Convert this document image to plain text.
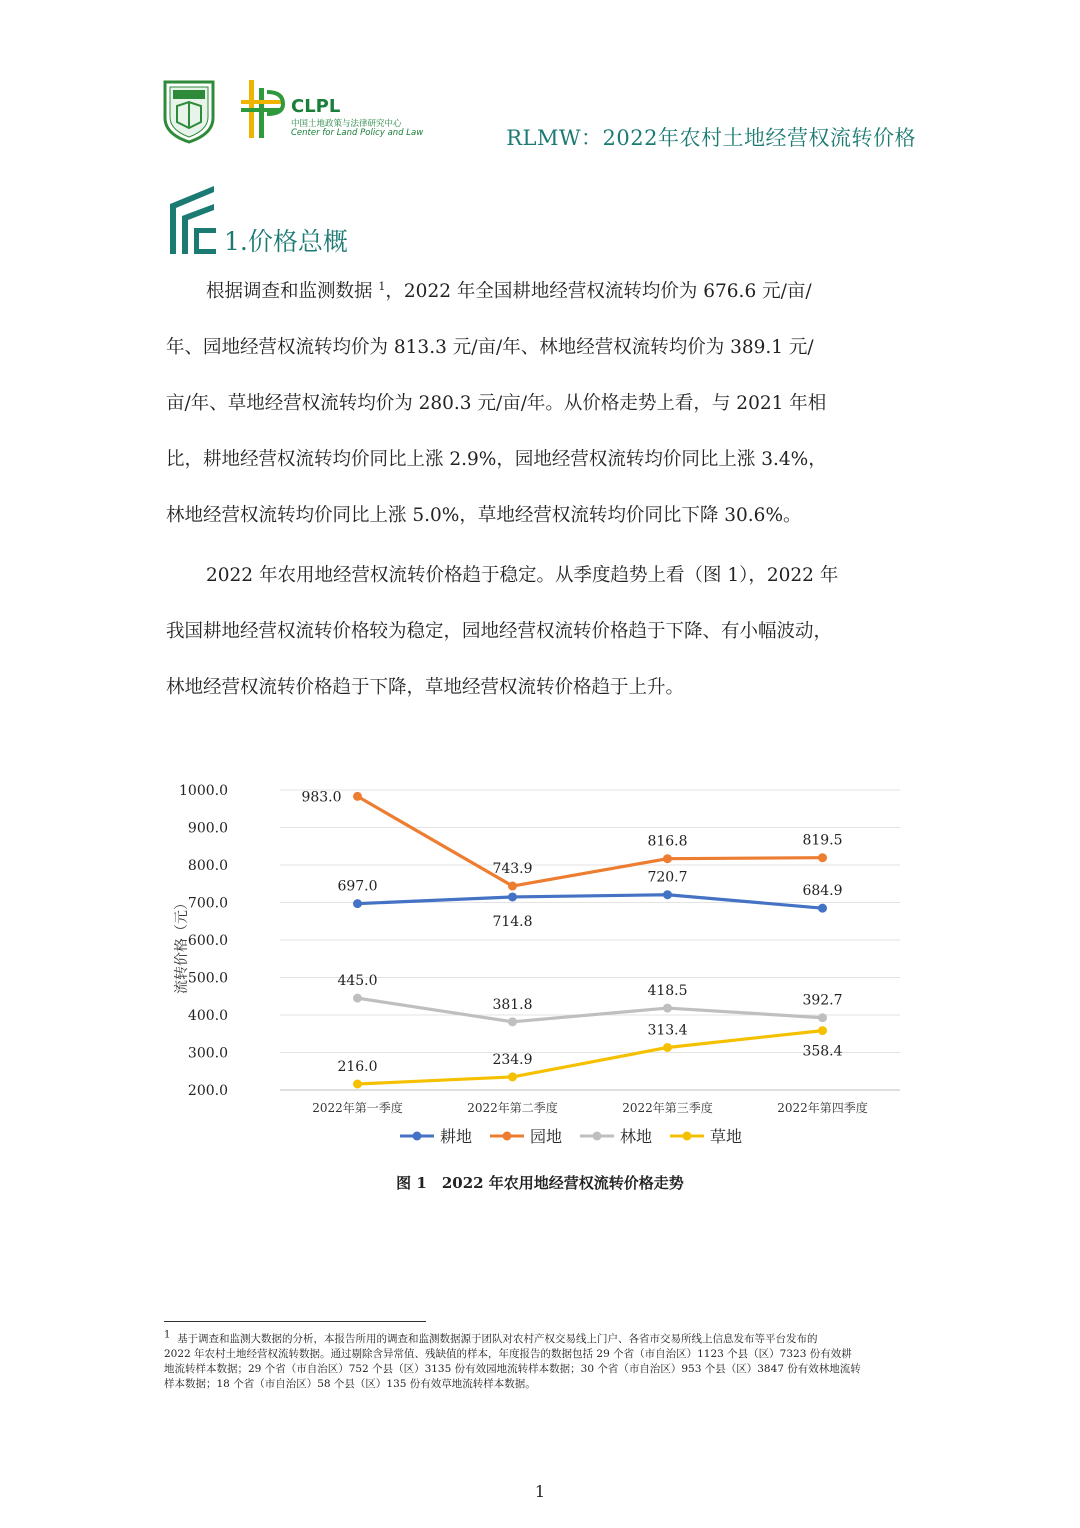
CLPL
中国土地政策与法律研究中心
Center for Land Policy and Law	RLMW：2022年农村土地经营权流转价格
1.价格总概
根据调查和监测数据 $^1$，2022 年全国耕地经营权流转均价为 676.6 元/亩/
年、园地经营权流转均价为 813.3 元/亩/年、林地经营权流转均价为 389.1 元/
亩/年、草地经营权流转均价为 280.3 元/亩/年。从价格走势上看，与 2021 年相
比，耕地经营权流转均价同比上涨 2.9%，园地经营权流转均价同比上涨 3.4%，
林地经营权流转均价同比上涨 5.0%，草地经营权流转均价同比下降 30.6%。
2022 年农用地经营权流转价格趋于稳定。从季度趋势上看（图 1），2022 年
我国耕地经营权流转价格较为稳定，园地经营权流转价格趋于下降、有小幅波动，
林地经营权流转价格趋于下降，草地经营权流转价格趋于上升。
200.0
300.0
400.0
500.0
600.0
700.0
800.0
900.0
1000.0
2022年第一季度	2022年第二季度	2022年第三季度	2022年第四季度
697.0
714.8
720.7
684.9
983.0
743.9
816.8	819.5
445.0
381.8
418.5
392.7
216.0	234.9
313.4
358.4
流转价格（元）
耕地	园地	林地	草地
图 1　2022 年农用地经营权流转价格走势
$^1$ 基于调查和监测大数据的分析，本报告所用的调查和监测数据源于团队对农村产权交易线上门户、各省市交易所线上信息发布等平台发布的
2022 年农村土地经营权流转数据。通过剔除含异常值、残缺值的样本，年度报告的数据包括 29 个省（市自治区）1123 个县（区）7323 份有效耕
地流转样本数据；29 个省（市自治区）752 个县（区）3135 份有效园地流转样本数据；30 个省（市自治区）953 个县（区）3847 份有效林地流转
样本数据；18 个省（市自治区）58 个县（区）135 份有效草地流转样本数据。
1
